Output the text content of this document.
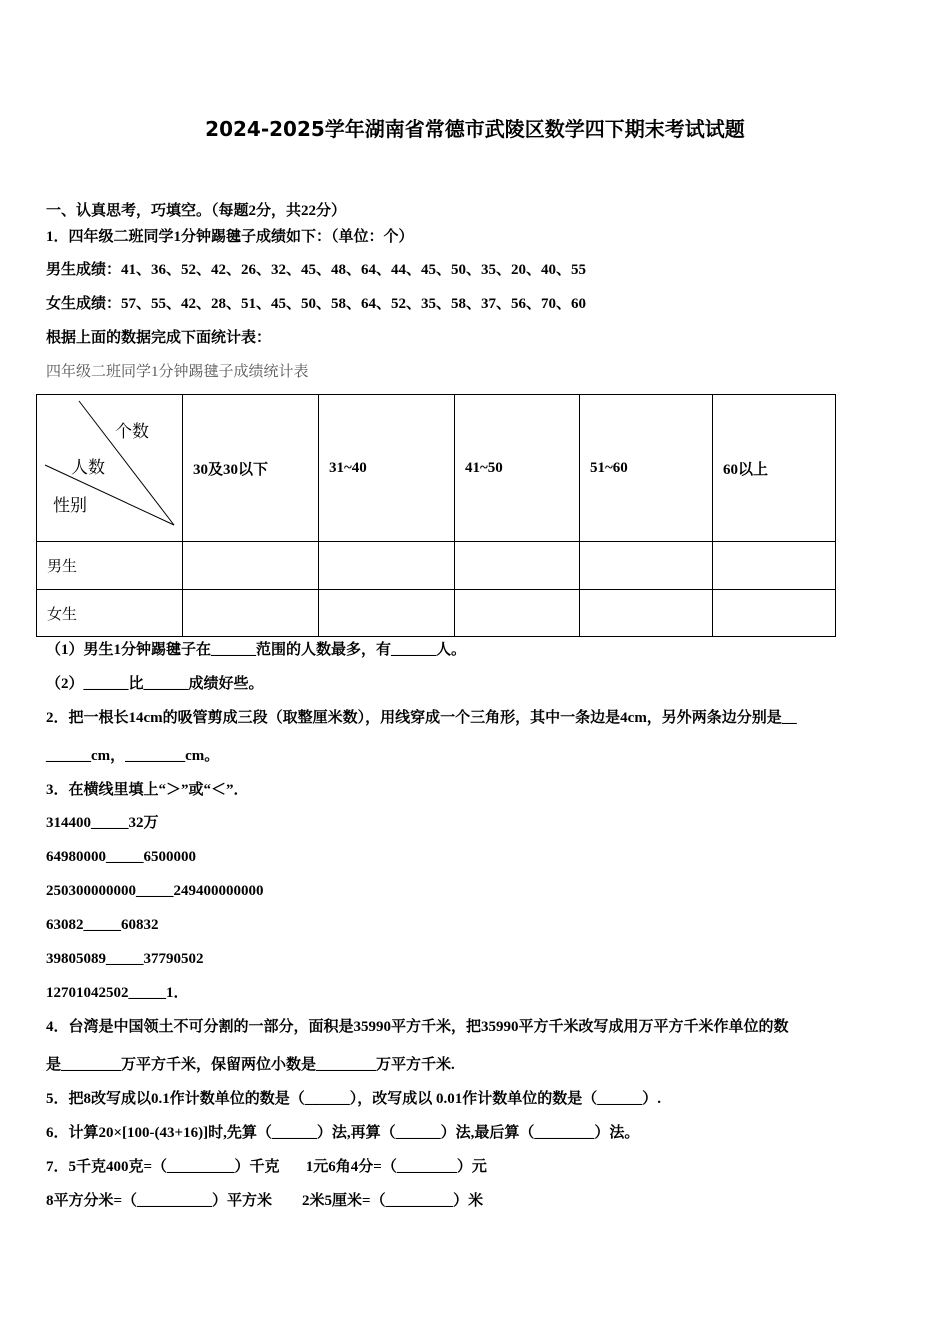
2024-2025学年湖南省常德市武陵区数学四下期末考试试题
一、认真思考，巧填空。（每题2分，共22分）
1．四年级二班同学1分钟踢毽子成绩如下：（单位：个）
男生成绩：41、36、52、42、26、32、45、48、64、44、45、50、35、20、40、55
女生成绩：57、55、42、28、51、45、50、58、64、52、35、58、37、56、70、60
根据上面的数据完成下面统计表：
四年级二班同学1分钟踢毽子成绩统计表
个数
人数
性别	30及30以下	31~40	41~50	51~60	60以上
男生					
女生					
（1）男生1分钟踢毽子在______范围的人数最多，有______人。
（2）______比______成绩好些。
2．把一根长14cm的吸管剪成三段（取整厘米数），用线穿成一个三角形，其中一条边是4cm，另外两条边分别是__
______cm，________cm。
3．在横线里填上“＞”或“＜”．
314400_____32万
64980000_____6500000
250300000000_____249400000000
63082_____60832
39805089_____37790502
12701042502_____1．
4．台湾是中国领土不可分割的一部分，面积是35990平方千米，把35990平方千米改写成用万平方千米作单位的数
是________万平方千米，保留两位小数是________万平方千米.
5．把8改写成以0.1作计数单位的数是（______），改写成以 0.01作计数单位的数是（______）.
6．计算20×[100-(43+16)]时,先算（______）法,再算（______）法,最后算（________）法。
7．5千克400克=（_________）千克       1元6角4分=（________）元
8平方分米=（__________）平方米        2米5厘米=（_________）米
